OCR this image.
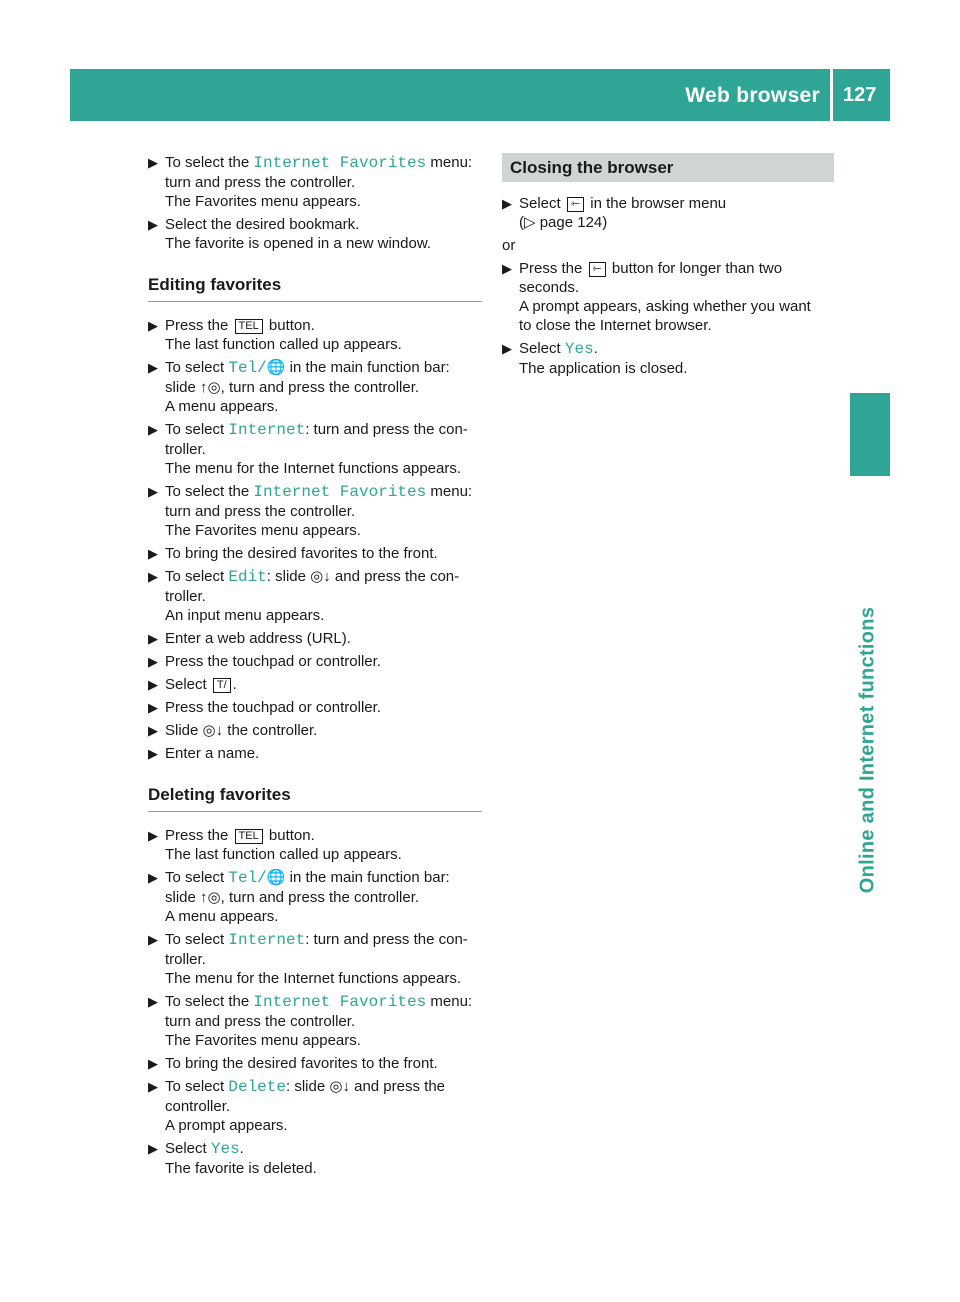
Web browser 127
Online and Internet functions
▶ To select the Internet Favorites menu:
turn and press the controller.
The Favorites menu appears.
▶ Select the desired bookmark.
The favorite is opened in a new window.
Editing favorites
▶ Press the TEL button.
The last function called up appears.
▶ To select Tel/🌐 in the main function bar:
slide ↑◎, turn and press the controller.
A menu appears.
▶ To select Internet: turn and press the con-
troller.
The menu for the Internet functions appears.
▶ To select the Internet Favorites menu:
turn and press the controller.
The Favorites menu appears.
▶ To bring the desired favorites to the front.
▶ To select Edit: slide ◎↓ and press the con-
troller.
An input menu appears.
▶ Enter a web address (URL).
▶ Press the touchpad or controller.
▶ Select T/ .
▶ Press the touchpad or controller.
▶ Slide ◎↓ the controller.
▶ Enter a name.
Deleting favorites
▶ Press the TEL button.
The last function called up appears.
▶ To select Tel/🌐 in the main function bar:
slide ↑◎, turn and press the controller.
A menu appears.
▶ To select Internet: turn and press the con-
troller.
The menu for the Internet functions appears.
▶ To select the Internet Favorites menu:
turn and press the controller.
The Favorites menu appears.
▶ To bring the desired favorites to the front.
▶ To select Delete: slide ◎↓ and press the
controller.
A prompt appears.
▶ Select Yes.
The favorite is deleted.
Closing the browser
▶ Select ⇽ in the browser menu
(▷ page 124)
or
▶ Press the ⇽ button for longer than two
seconds.
A prompt appears, asking whether you want
to close the Internet browser.
▶ Select Yes.
The application is closed.
